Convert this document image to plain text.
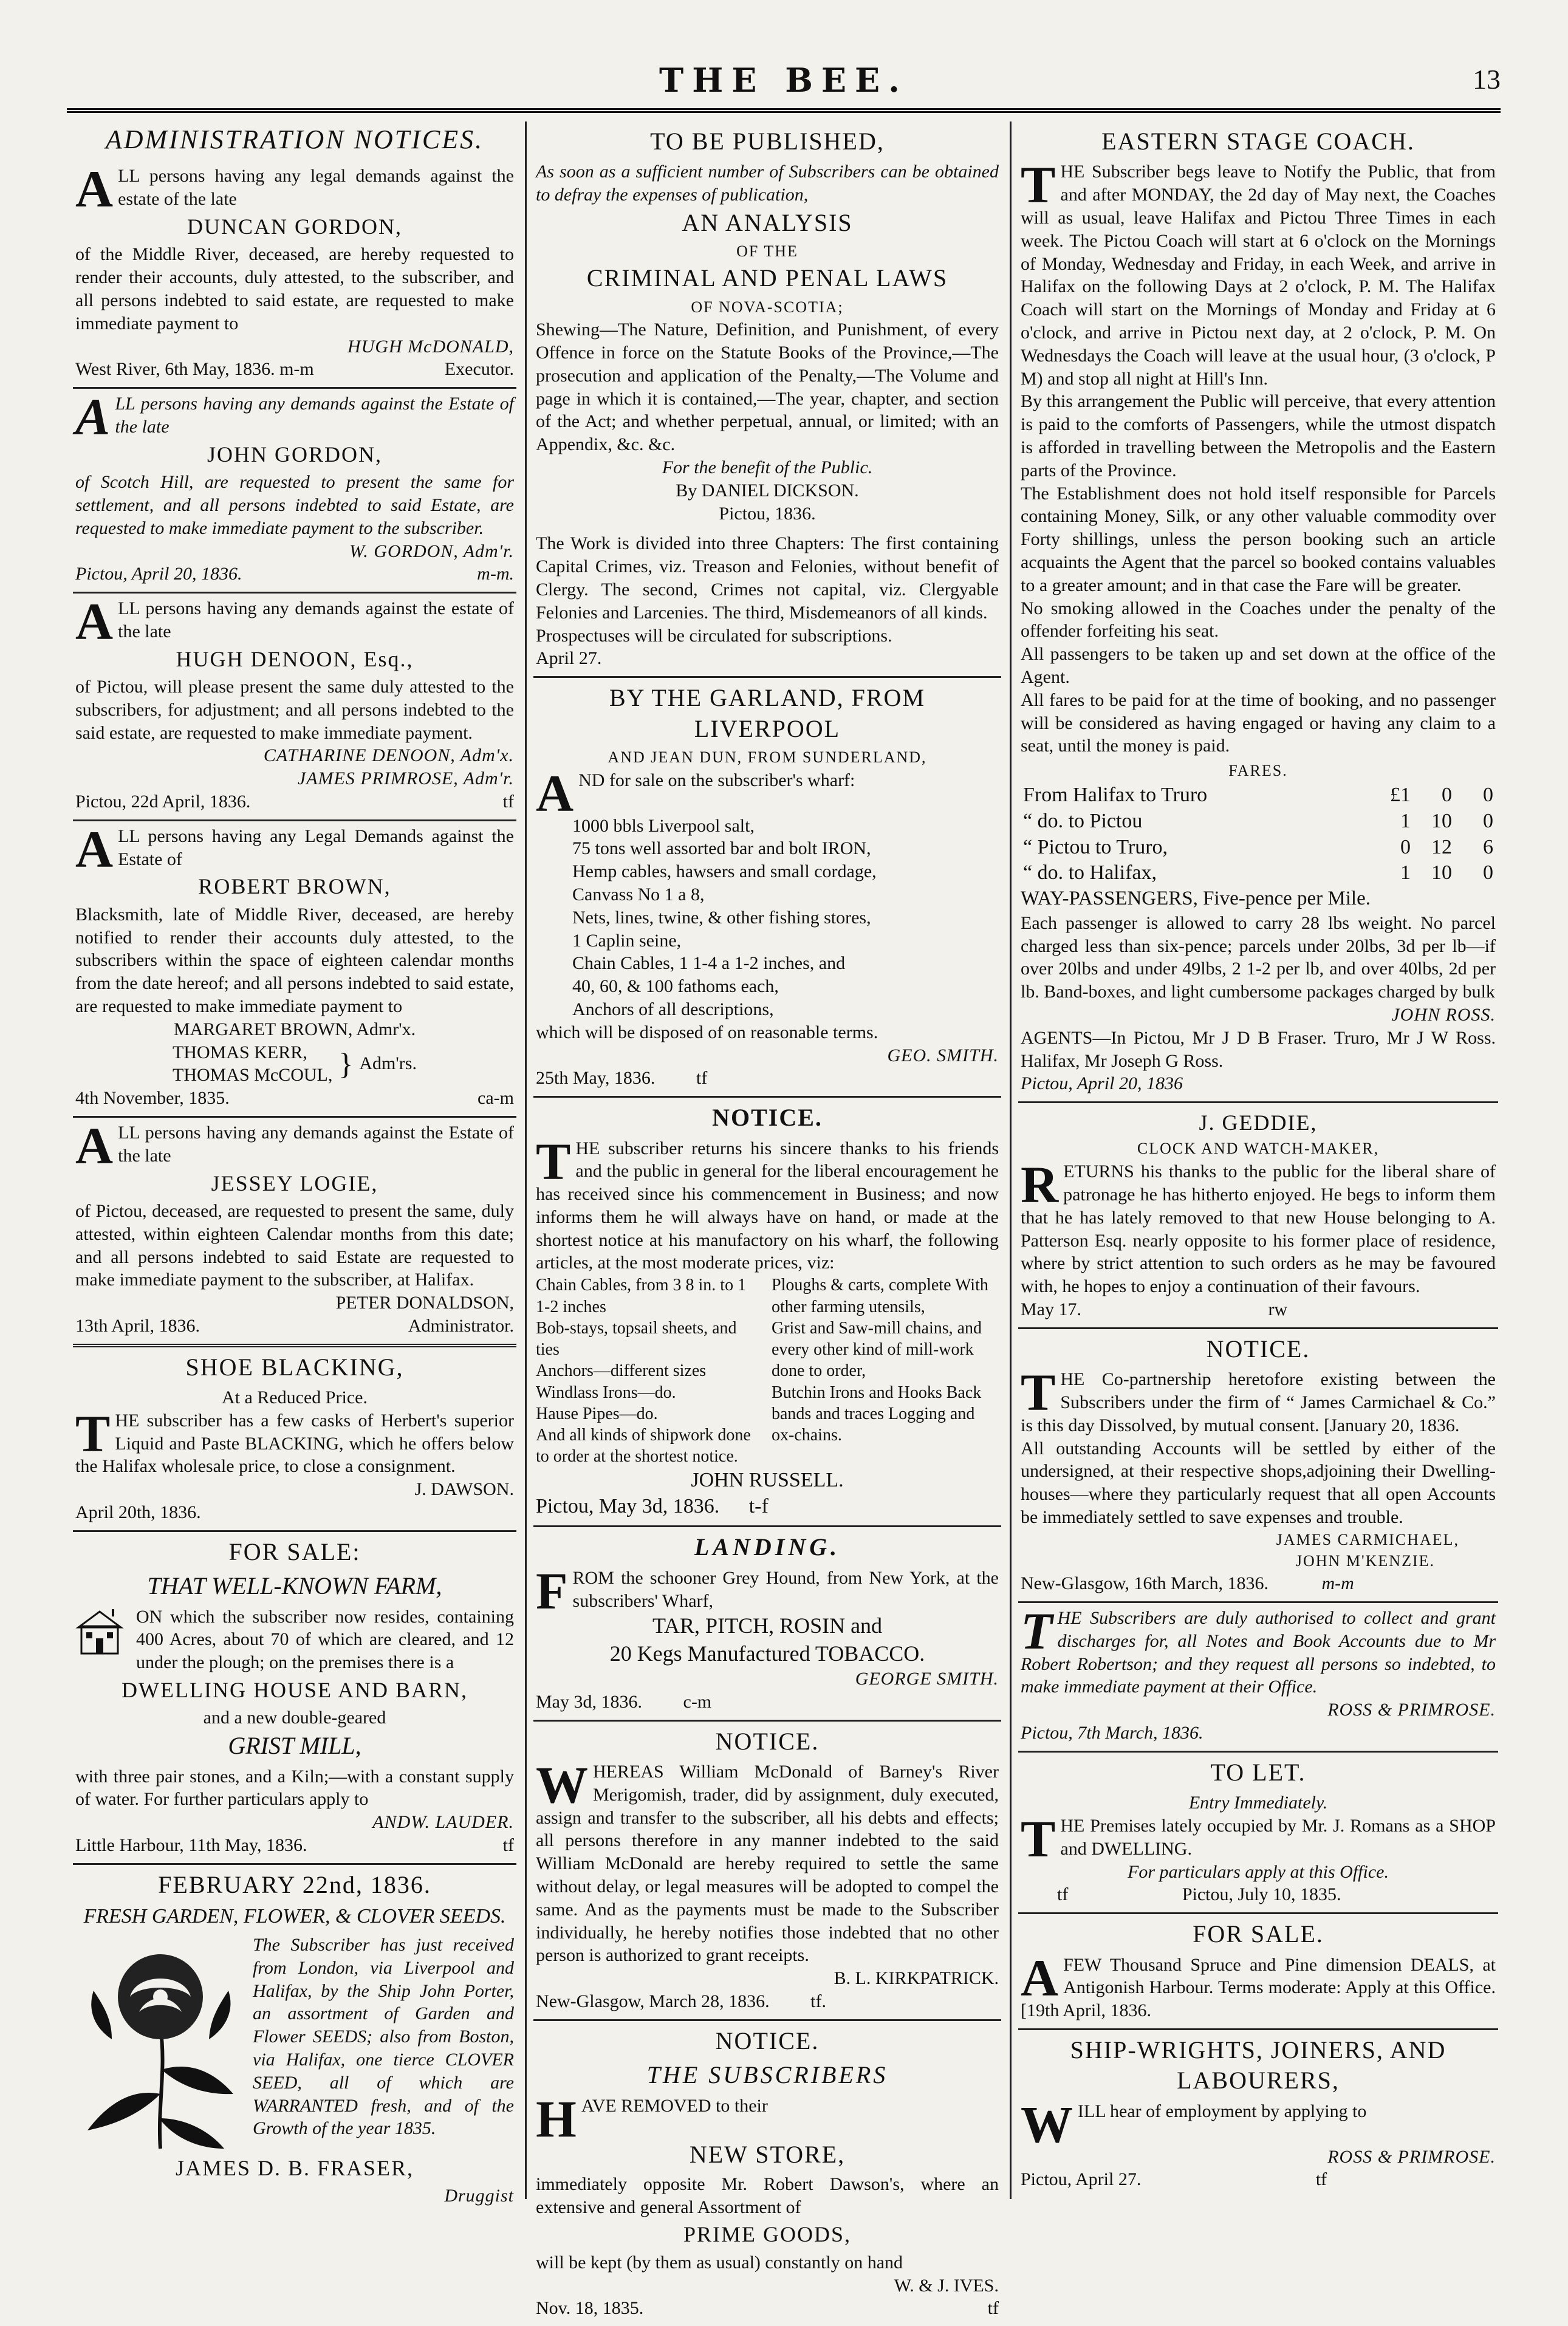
THE BEE.	13
ADMINISTRATION NOTICES.

ALL persons having any legal demands against the estate of the late

DUNCAN GORDON,

of the Middle River, deceased, are hereby requested to render their accounts, duly attested, to the subscriber, and all persons indebted to said estate, are requested to make immediate payment to

HUGH McDONALD,
West River, 6th May, 1836. m-m	Executor.

ALL persons having any demands against the Estate of the late

JOHN GORDON,

of Scotch Hill, are requested to present the same for settlement, and all persons indebted to said Estate, are requested to make immediate payment to the subscriber.

W. GORDON, Adm'r.
Pictou, April 20, 1836.	m-m.

ALL persons having any demands against the estate of the late

HUGH DENOON, Esq.,

of Pictou, will please present the same duly attested to the subscribers, for adjustment; and all persons indebted to the said estate, are requested to make immediate payment.

CATHARINE DENOON, Adm'x.
JAMES PRIMROSE, Adm'r.
Pictou, 22d April, 1836.	tf

ALL persons having any Legal Demands against the Estate of

ROBERT BROWN,

Blacksmith, late of Middle River, deceased, are hereby notified to render their accounts duly attested, to the subscribers within the space of eighteen calendar months from the date hereof; and all persons indebted to said estate, are requested to make immediate payment to

MARGARET BROWN, Admr'x.
THOMAS KERR,
THOMAS McCOUL, } Adm'rs.
4th November, 1835.	ca-m

ALL persons having any demands against the Estate of the late

JESSEY LOGIE,

of Pictou, deceased, are requested to present the same, duly attested, within eighteen Calendar months from this date; and all persons indebted to said Estate are requested to make immediate payment to the subscriber, at Halifax.

PETER DONALDSON,
13th April, 1836.	Administrator.
SHOE BLACKING,
At a Reduced Price.

THE subscriber has a few casks of Herbert's superior Liquid and Paste BLACKING, which he offers below the Halifax wholesale price, to close a consignment.

J. DAWSON.
April 20th, 1836.
FOR SALE:
THAT WELL-KNOWN FARM,

ON which the subscriber now resides, containing 400 Acres, about 70 of which are cleared, and 12 under the plough; on the premises there is a

DWELLING HOUSE AND BARN,
and a new double-geared
GRIST MILL,

with three pair stones, and a Kiln;—with a constant supply of water. For further particulars apply to

ANDW. LAUDER.
Little Harbour, 11th May, 1836.	tf
FEBRUARY 22nd, 1836.
FRESH GARDEN, FLOWER, & CLOVER SEEDS.

The Subscriber has just received from London, via Liverpool and Halifax, by the Ship John Porter, an assortment of Garden and Flower SEEDS; also from Boston, via Halifax, one tierce CLOVER SEED, all of which are WARRANTED fresh, and of the Growth of the year 1835.

JAMES D. B. FRASER,
Druggist
TO BE PUBLISHED,

As soon as a sufficient number of Subscribers can be obtained to defray the expenses of publication,

AN ANALYSIS
OF THE
CRIMINAL AND PENAL LAWS
OF NOVA-SCOTIA;

Shewing—The Nature, Definition, and Punishment, of every Offence in force on the Statute Books of the Province,—The prosecution and application of the Penalty,—The Volume and page in which it is contained,—The year, chapter, and section of the Act; and whether perpetual, annual, or limited; with an Appendix, &c. &c.

For the benefit of the Public.
By DANIEL DICKSON.
Pictou, 1836.

The Work is divided into three Chapters: The first containing Capital Crimes, viz. Treason and Felonies, without benefit of Clergy. The second, Crimes not capital, viz. Clergyable Felonies and Larcenies. The third, Misdemeanors of all kinds.

Prospectuses will be circulated for subscriptions.

April 27.
BY THE GARLAND, FROM LIVERPOOL
AND JEAN DUN, FROM SUNDERLAND,

AND for sale on the subscriber's wharf:

1000 bbls Liverpool salt,
75 tons well assorted bar and bolt IRON,
Hemp cables, hawsers and small cordage,
Canvass No 1 a 8,
Nets, lines, twine, & other fishing stores,
1 Caplin seine,
Chain Cables, 1 1-4 a 1-2 inches, and
40, 60, & 100 fathoms each,
Anchors of all descriptions,
which will be disposed of on reasonable terms.
GEO. SMITH.
25th May, 1836. tf
NOTICE.

THE subscriber returns his sincere thanks to his friends and the public in general for the liberal encouragement he has received since his commencement in Business; and now informs them he will always have on hand, or made at the shortest notice at his manufactory on his wharf, the following articles, at the most moderate prices, viz:

Chain Cables, from 3 8 in. to 1 1-2 inches
Bob-stays, topsail sheets, and ties
Anchors—different sizes
Windlass Irons—do.
Hause Pipes—do.
And all kinds of shipwork done to order at the shortest notice.
Ploughs & carts, complete With other farming utensils,
Grist and Saw-mill chains, and every other kind of mill-work done to order,
Butchin Irons and Hooks Back bands and traces Logging and ox-chains.
JOHN RUSSELL.
Pictou, May 3d, 1836. t-f
LANDING.

FROM the schooner Grey Hound, from New York, at the subscribers' Wharf,

TAR, PITCH, ROSIN and
20 Kegs Manufactured TOBACCO.
GEORGE SMITH.
May 3d, 1836. c-m
NOTICE.

WHEREAS William McDonald of Barney's River Merigomish, trader, did by assignment, duly executed, assign and transfer to the subscriber, all his debts and effects; all persons therefore in any manner indebted to the said William McDonald are hereby required to settle the same without delay, or legal measures will be adopted to compel the same. And as the payments must be made to the Subscriber individually, he hereby notifies those indebted that no other person is authorized to grant receipts.

B. L. KIRKPATRICK.
New-Glasgow, March 28, 1836. tf.
NOTICE.
THE SUBSCRIBERS

HAVE REMOVED to their

NEW STORE,

immediately opposite Mr. Robert Dawson's, where an extensive and general Assortment of

PRIME GOODS,

will be kept (by them as usual) constantly on hand

W. & J. IVES.
Nov. 18, 1835.	tf
EASTERN STAGE COACH.

THE Subscriber begs leave to Notify the Public, that from and after MONDAY, the 2d day of May next, the Coaches will as usual, leave Halifax and Pictou Three Times in each week. The Pictou Coach will start at 6 o'clock on the Mornings of Monday, Wednesday and Friday, in each Week, and arrive in Halifax on the following Days at 2 o'clock, P. M. The Halifax Coach will start on the Mornings of Monday and Friday at 6 o'clock, and arrive in Pictou next day, at 2 o'clock, P. M. On Wednesdays the Coach will leave at the usual hour, (3 o'clock, P M) and stop all night at Hill's Inn.

By this arrangement the Public will perceive, that every attention is paid to the comforts of Passengers, while the utmost dispatch is afforded in travelling between the Metropolis and the Eastern parts of the Province.

The Establishment does not hold itself responsible for Parcels containing Money, Silk, or any other valuable commodity over Forty shillings, unless the person booking such an article acquaints the Agent that the parcel so booked contains valuables to a greater amount; and in that case the Fare will be greater.

No smoking allowed in the Coaches under the penalty of the offender forfeiting his seat.

All passengers to be taken up and set down at the office of the Agent.

All fares to be paid for at the time of booking, and no passenger will be considered as having engaged or having any claim to a seat, until the money is paid.

FARES.
From Halifax to Truro	£1	0	0
“ do. to Pictou	1	10	0
“ Pictou to Truro,	0	12	6
“ do. to Halifax,	1	10	0
WAY-PASSENGERS, Five-pence per Mile.

Each passenger is allowed to carry 28 lbs weight. No parcel charged less than six-pence; parcels under 20lbs, 3d per lb—if over 20lbs and under 49lbs, 2 1-2 per lb, and over 40lbs, 2d per lb. Band-boxes, and light cumbersome packages charged by bulk

JOHN ROSS.

AGENTS—In Pictou, Mr J D B Fraser. Truro, Mr J W Ross. Halifax, Mr Joseph G Ross.

Pictou, April 20, 1836
J. GEDDIE,
CLOCK AND WATCH-MAKER,

RETURNS his thanks to the public for the liberal share of patronage he has hitherto enjoyed. He begs to inform them that he has lately removed to that new House belonging to A. Patterson Esq. nearly opposite to his former place of residence, where by strict attention to such orders as he may be favoured with, he hopes to enjoy a continuation of their favours.

May 17.	rw
NOTICE.

THE Co-partnership heretofore existing between the Subscribers under the firm of “ James Carmichael & Co.” is this day Dissolved, by mutual consent. [January 20, 1836.

All outstanding Accounts will be settled by either of the undersigned, at their respective shops,adjoining their Dwelling-houses—where they particularly request that all open Accounts be immediately settled to save expenses and trouble.

JAMES CARMICHAEL,
JOHN M'KENZIE.
New-Glasgow, 16th March, 1836.	m-m

THE Subscribers are duly authorised to collect and grant discharges for, all Notes and Book Accounts due to Mr Robert Robertson; and they request all persons so indebted, to make immediate payment at their Office.

ROSS & PRIMROSE.
Pictou, 7th March, 1836.
TO LET.
Entry Immediately.

THE Premises lately occupied by Mr. J. Romans as a SHOP and DWELLING.

For particulars apply at this Office.
tf	Pictou, July 10, 1835.
FOR SALE.

AFEW Thousand Spruce and Pine dimension DEALS, at Antigonish Harbour. Terms moderate: Apply at this Office. [19th April, 1836.

SHIP-WRIGHTS, JOINERS, AND LABOURERS,

WILL hear of employment by applying to

ROSS & PRIMROSE.
Pictou, April 27.	tf
